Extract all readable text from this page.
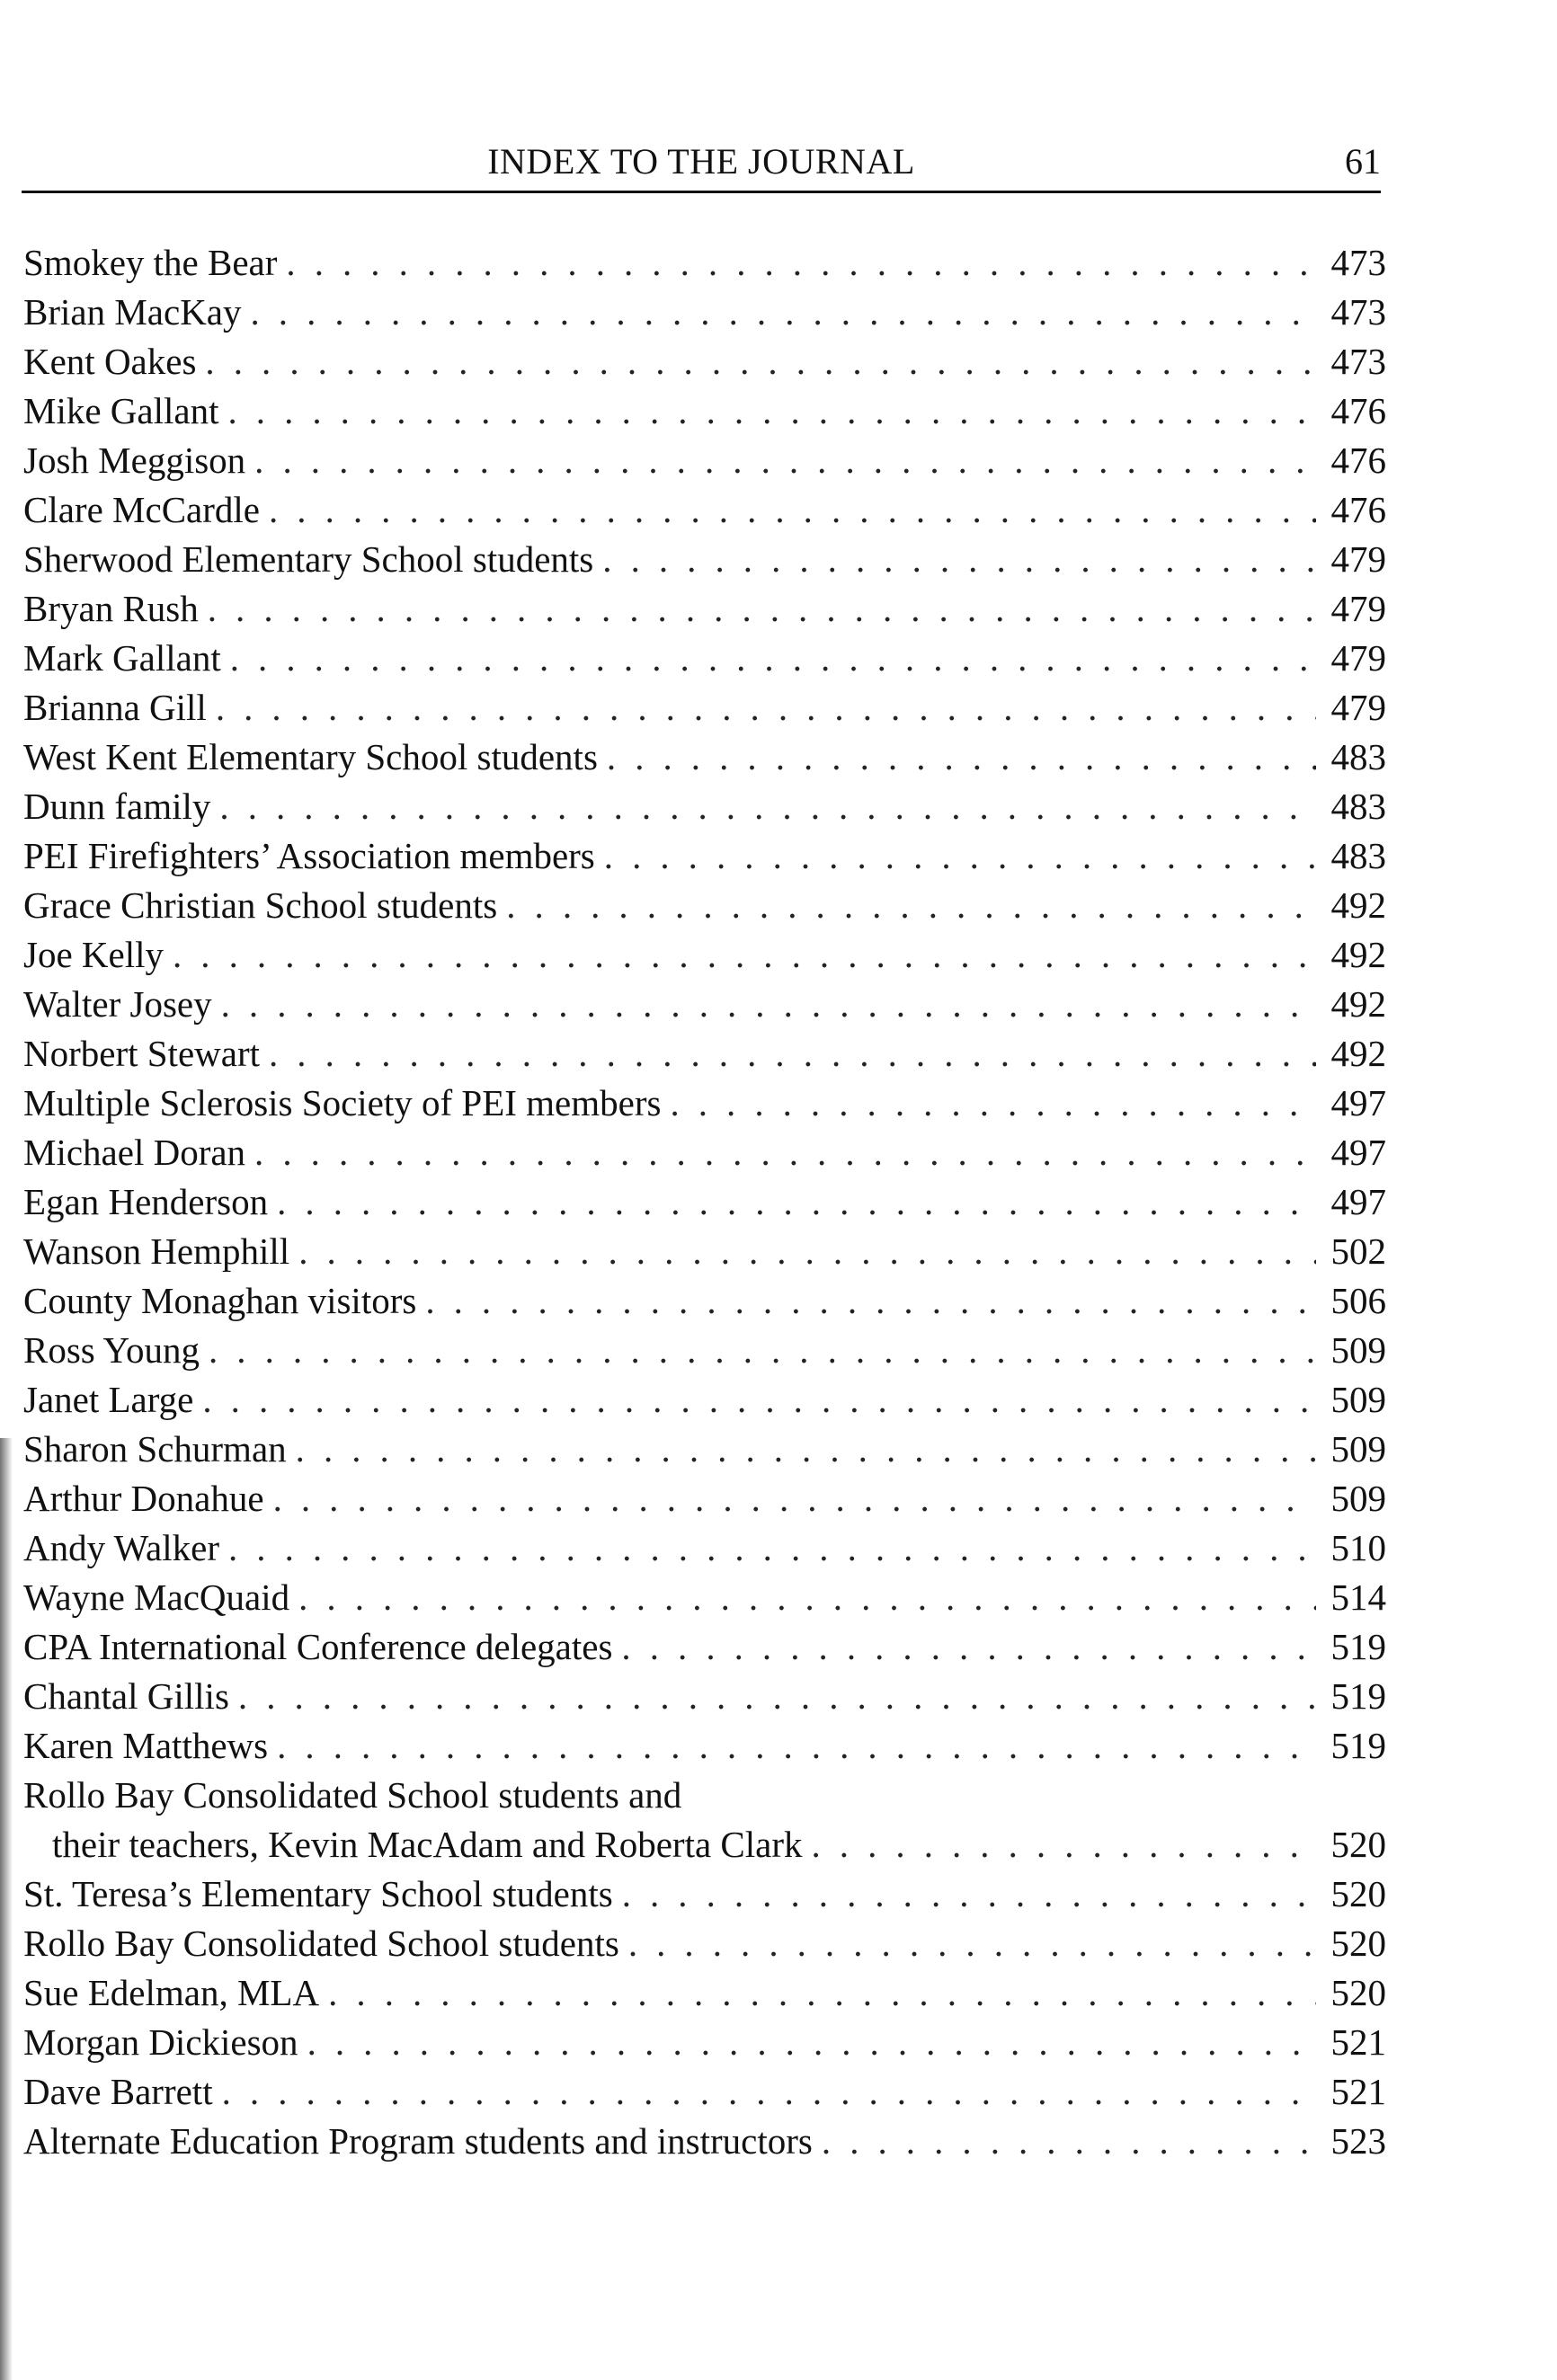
INDEX TO THE JOURNAL	61
Smokey the Bear . . .	473
Brian MacKay . . .	473
Kent Oakes . . .	473
Mike Gallant . . .	476
Josh Meggison . . .	476
Clare McCardle . . .	476
Sherwood Elementary School students . . .	479
Bryan Rush . . .	479
Mark Gallant . . .	479
Brianna Gill . . .	479
West Kent Elementary School students . . .	483
Dunn family . . .	483
PEI Firefighters’ Association members . . .	483
Grace Christian School students . . .	492
Joe Kelly . . .	492
Walter Josey . . .	492
Norbert Stewart . . .	492
Multiple Sclerosis Society of PEI members . . .	497
Michael Doran . . .	497
Egan Henderson . . .	497
Wanson Hemphill . . .	502
County Monaghan visitors . . .	506
Ross Young . . .	509
Janet Large . . .	509
Sharon Schurman . . .	509
Arthur Donahue . . .	509
Andy Walker . . .	510
Wayne MacQuaid . . .	514
CPA International Conference delegates . . .	519
Chantal Gillis . . .	519
Karen Matthews . . .	519
Rollo Bay Consolidated School students and
their teachers, Kevin MacAdam and Roberta Clark . . .	520
St. Teresa’s Elementary School students . . .	520
Rollo Bay Consolidated School students . . .	520
Sue Edelman, MLA . . .	520
Morgan Dickieson . . .	521
Dave Barrett . . .	521
Alternate Education Program students and instructors . . .	523
